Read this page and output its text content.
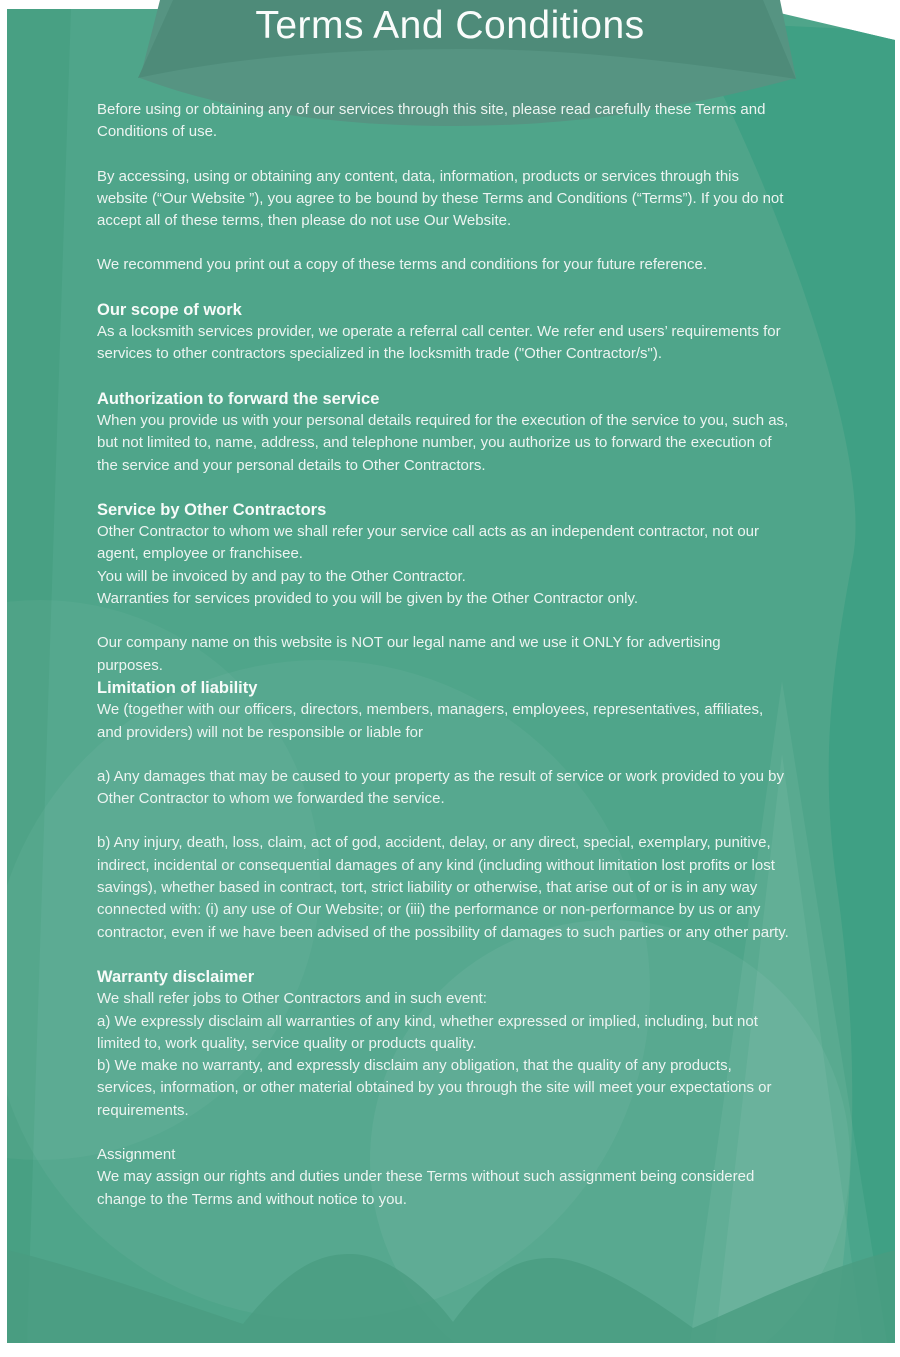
Terms And Conditions

Before using or obtaining any of our services through this site, please read carefully these Terms and Conditions of use.

By accessing, using or obtaining any content, data, information, products or services through this website (“Our Website ”), you agree to be bound by these Terms and Conditions (“Terms”). If you do not accept all of these terms, then please do not use Our Website.

We recommend you print out a copy of these terms and conditions for your future reference.

Our scope of work

As a locksmith services provider, we operate a referral call center. We refer end users’ requirements for services to other contractors specialized in the locksmith trade ("Other Contractor/s").

Authorization to forward the service

When you provide us with your personal details required for the execution of the service to you, such as, but not limited to, name, address, and telephone number, you authorize us to forward the execution of the service and your personal details to Other Contractors.

Service by Other Contractors
Other Contractor to whom we shall refer your service call acts as an independent contractor, not our agent, employee or franchisee.
You will be invoiced by and pay to the Other Contractor.
Warranties for services provided to you will be given by the Other Contractor only.

Our company name on this website is NOT our legal name and we use it ONLY for advertising purposes.

Limitation of liability

We (together with our officers, directors, members, managers, employees, representatives, affiliates, and providers) will not be responsible or liable for

a) Any damages that may be caused to your property as the result of service or work provided to you by Other Contractor to whom we forwarded the service.

b) Any injury, death, loss, claim, act of god, accident, delay, or any direct, special, exemplary, punitive, indirect, incidental or consequential damages of any kind (including without limitation lost profits or lost savings), whether based in contract, tort, strict liability or otherwise, that arise out of or is in any way connected with: (i) any use of Our Website; or (iii) the performance or non-performance by us or any contractor, even if we have been advised of the possibility of damages to such parties or any other party.

Warranty disclaimer
We shall refer jobs to Other Contractors and in such event:
a) We expressly disclaim all warranties of any kind, whether expressed or implied, including, but not limited to, work quality, service quality or products quality.
b) We make no warranty, and expressly disclaim any obligation, that the quality of any products, services, information, or other material obtained by you through the site will meet your expectations or requirements.
Assignment
We may assign our rights and duties under these Terms without such assignment being considered change to the Terms and without notice to you.
